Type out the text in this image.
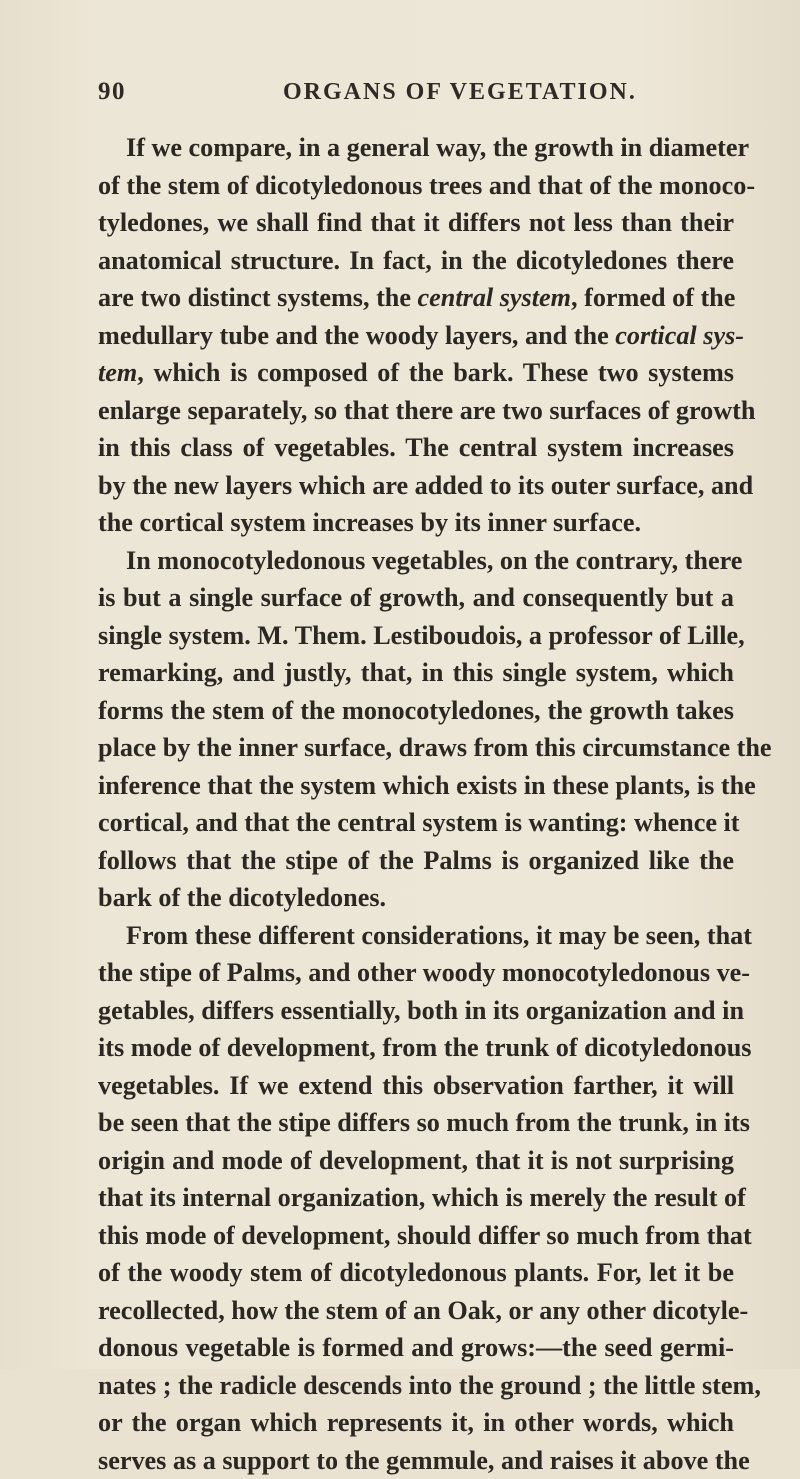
90	ORGANS OF VEGETATION.
If we compare, in a general way, the growth in diameter
of the stem of dicotyledonous trees and that of the monoco-
tyledones, we shall find that it differs not less than their
anatomical structure. In fact, in the dicotyledones there
are two distinct systems, the central system, formed of the
medullary tube and the woody layers, and the cortical sys-
tem, which is composed of the bark. These two systems
enlarge separately, so that there are two surfaces of growth
in this class of vegetables. The central system increases
by the new layers which are added to its outer surface, and
the cortical system increases by its inner surface.
In monocotyledonous vegetables, on the contrary, there
is but a single surface of growth, and consequently but a
single system. M. Them. Lestiboudois, a professor of Lille,
remarking, and justly, that, in this single system, which
forms the stem of the monocotyledones, the growth takes
place by the inner surface, draws from this circumstance the
inference that the system which exists in these plants, is the
cortical, and that the central system is wanting: whence it
follows that the stipe of the Palms is organized like the
bark of the dicotyledones.
From these different considerations, it may be seen, that
the stipe of Palms, and other woody monocotyledonous ve-
getables, differs essentially, both in its organization and in
its mode of development, from the trunk of dicotyledonous
vegetables. If we extend this observation farther, it will
be seen that the stipe differs so much from the trunk, in its
origin and mode of development, that it is not surprising
that its internal organization, which is merely the result of
this mode of development, should differ so much from that
of the woody stem of dicotyledonous plants. For, let it be
recollected, how the stem of an Oak, or any other dicotyle-
donous vegetable is formed and grows:—the seed germi-
nates ; the radicle descends into the ground ; the little stem,
or the organ which represents it, in other words, which
serves as a support to the gemmule, and raises it above the
